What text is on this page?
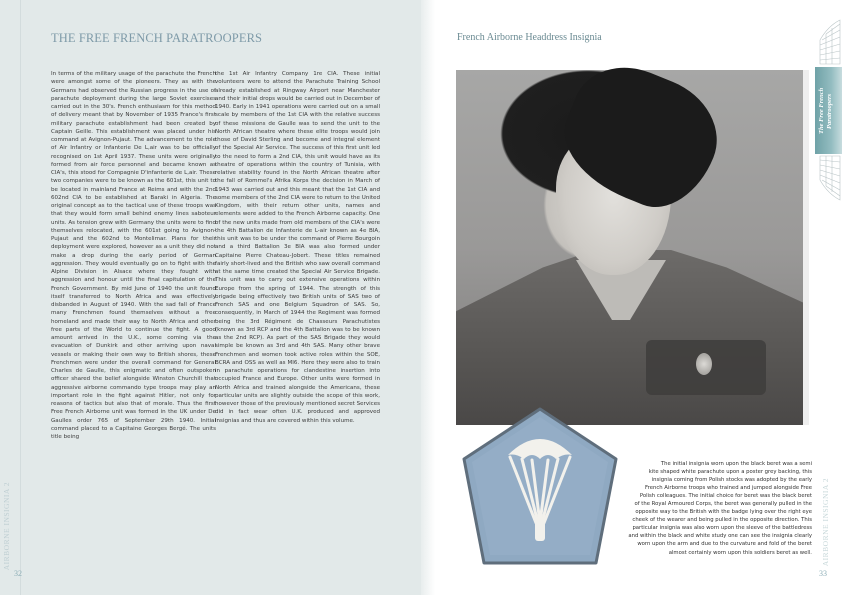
THE FREE FRENCH PARATROOPERS
In terms of the military usage of the parachute the French were amongst some of the pioneers. They as with the Germans had observed the Russian progress in the use of parachute deployment during the large Soviet exercises carried out in the 30's. French enthusiasm for this method of delivery meant that by November of 1935 France's first military parachute establishment had been created by Captain Geille. This establishment was placed under his command at Avignon-Pujaut. The advancement to the role of Air Infantry or Infanterie De L,air was to be officially recognised on 1st April 1937. These units were originally formed from air force personnel and became known as CIA's, this stood for Compagnie D'infanterie de L,air. These two companies were to be known as the 601st, this unit to be located in mainland France at Reims and with the 2nd 602nd CIA to be established at Baraki in Algeria. The original concept as to the tactical use of these troops was that they would form small behind enemy lines saboteur units. As tension grew with Germany the units were to find themselves relocated, with the 601st going to Avignon-Pujaut and the 602nd to Montelimar. Plans for their deployment were explored, however as a unit they did not make a drop during the early period of German aggression. They would eventually go on to fight with the Alpine Division in Alsace where they fought with aggression and honour until the final capitulation of the French Government. By mid June of 1940 the unit found itself transferred to North Africa and was effectively disbanded in August of 1940. With the sad fall of France many Frenchmen found themselves without a free homeland and made their way to North Africa and other free parts of the World to continue the fight. A good amount arrived in the U.K., some coming via the evacuation of Dunkirk and other arriving upon naval vessels or making their own way to British shores, these Frenchmen were under the overall command for General Charles de Gaulle, this enigmatic and often outspoken officer shared the belief alongside Winston Churchill that aggressive airborne commando type troops may play an important role in the fight against Hitler, not only for reasons of tactics but also that of morale. Thus the first Free French Airborne unit was formed in the UK under De Gaulles order 765 of September 29th 1940. Initial command placed to a Capitaine Georges Bergé. The units title being
the 1st Air Infantry Company 1re CIA. These initial volunteers were to attend the Parachute Training School already established at Ringway Airport near Manchester and their initial drops would be carried out in December of 1940. Early in 1941 operations were carried out on a small scale by members of the 1st CIA with the relative success of these missions de Gaulle was to send the unit to the North African theatre where these elite troops would join those of David Sterling and become and integral element of the Special Air Service. The success of this first unit led to the need to form a 2nd CIA, this unit would have as its theatre of operations within the country of Tunisia, with relative stability found in the North African theatre after the fall of Rommel's Afrika Korps the decision in March of 1943 was carried out and this meant that the 1st CIA and some members of the 2nd CIA were to return to the United Kingdom, with their return other units, names and elements were added to the French Airborne capacity. One of the new units made from old members of the CIA's were the 4th Battalion de Infanterie de L-air known as 4e BIA, this unit was to be under the command of Pierre Bourgoin and a third Battalion 3e BIA was also formed under Capitaine Pierre Chateau-Jobert. These titles remained fairly short-lived and the British who saw overall command at the same time created the Special Air Service Brigade. This unit was to carry out extensive operations within Europe from the spring of 1944. The strength of this brigade being effectively two British units of SAS two of French SAS and one Belgium Squadron of SAS. So, consequently, in March of 1944 the Regiment was formed being the 3rd Régiment de Chasseurs Parachutistes (known as 3rd RCP and the 4th Battalion was to be known as the 2nd RCP). As part of the SAS Brigade they would simple be known as 3rd and 4th SAS. Many other brave Frenchmen and women took active roles within the SOE, BCRA and OSS as well as MI6. Here they were also to train in parachute operations for clandestine insertion into occupied France and Europe. Other units were formed in North Africa and trained alongside the Americans, these particular units are slightly outside the scope of this work, however those of the previously mentioned secret Services did in fact wear often U.K. produced and approved insignias and thus are covered within this volume.
AIRBORNE INSIGNIA 2
32
French Airborne Headdress Insignia
The initial insignia worn upon the black beret was a semi
kite shaped white parachute upon a poster grey backing, this
insignia coming from Polish stocks was adopted by the early
French Airborne troops who trained and jumped alongside Free
Polish colleagues. The initial choice for beret was the black beret
of the Royal Armoured Corps, the beret was generally pulled in the
opposite way to the British with the badge lying over the right eye
cheek of the wearer and being pulled in the opposite direction. This
particular insignia was also worn upon the sleeve of the battledress
and within the black and white study one can see the insignia clearly
worn upon the arm and due to the curvature and fold of the beret
almost certainly worn upon this soldiers beret as well.
The Free French
Paratroopers
AIRBORNE INSIGNIA 2
33
